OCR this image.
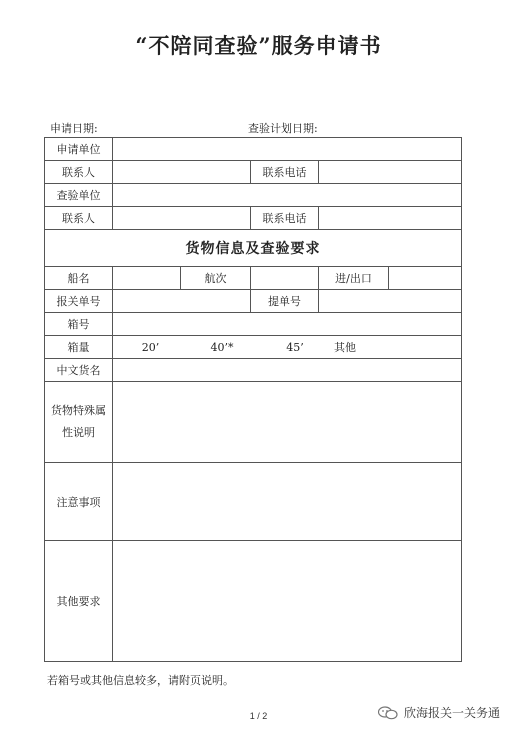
“不陪同查验”服务申请书
申请日期:	查验计划日期:
申请单位					
联系人			联系电话		
查验单位					
联系人			联系电话		
货物信息及查验要求					
船名		航次		进/出口	
报关单号			提单号		
箱号					
箱量	20’ 40’* 45’ 其他				

中文货名					
货物特殊属
性说明					
注意事项					
其他要求					
若箱号或其他信息较多，请附页说明。
1 / 2	欣海报关一关务通
